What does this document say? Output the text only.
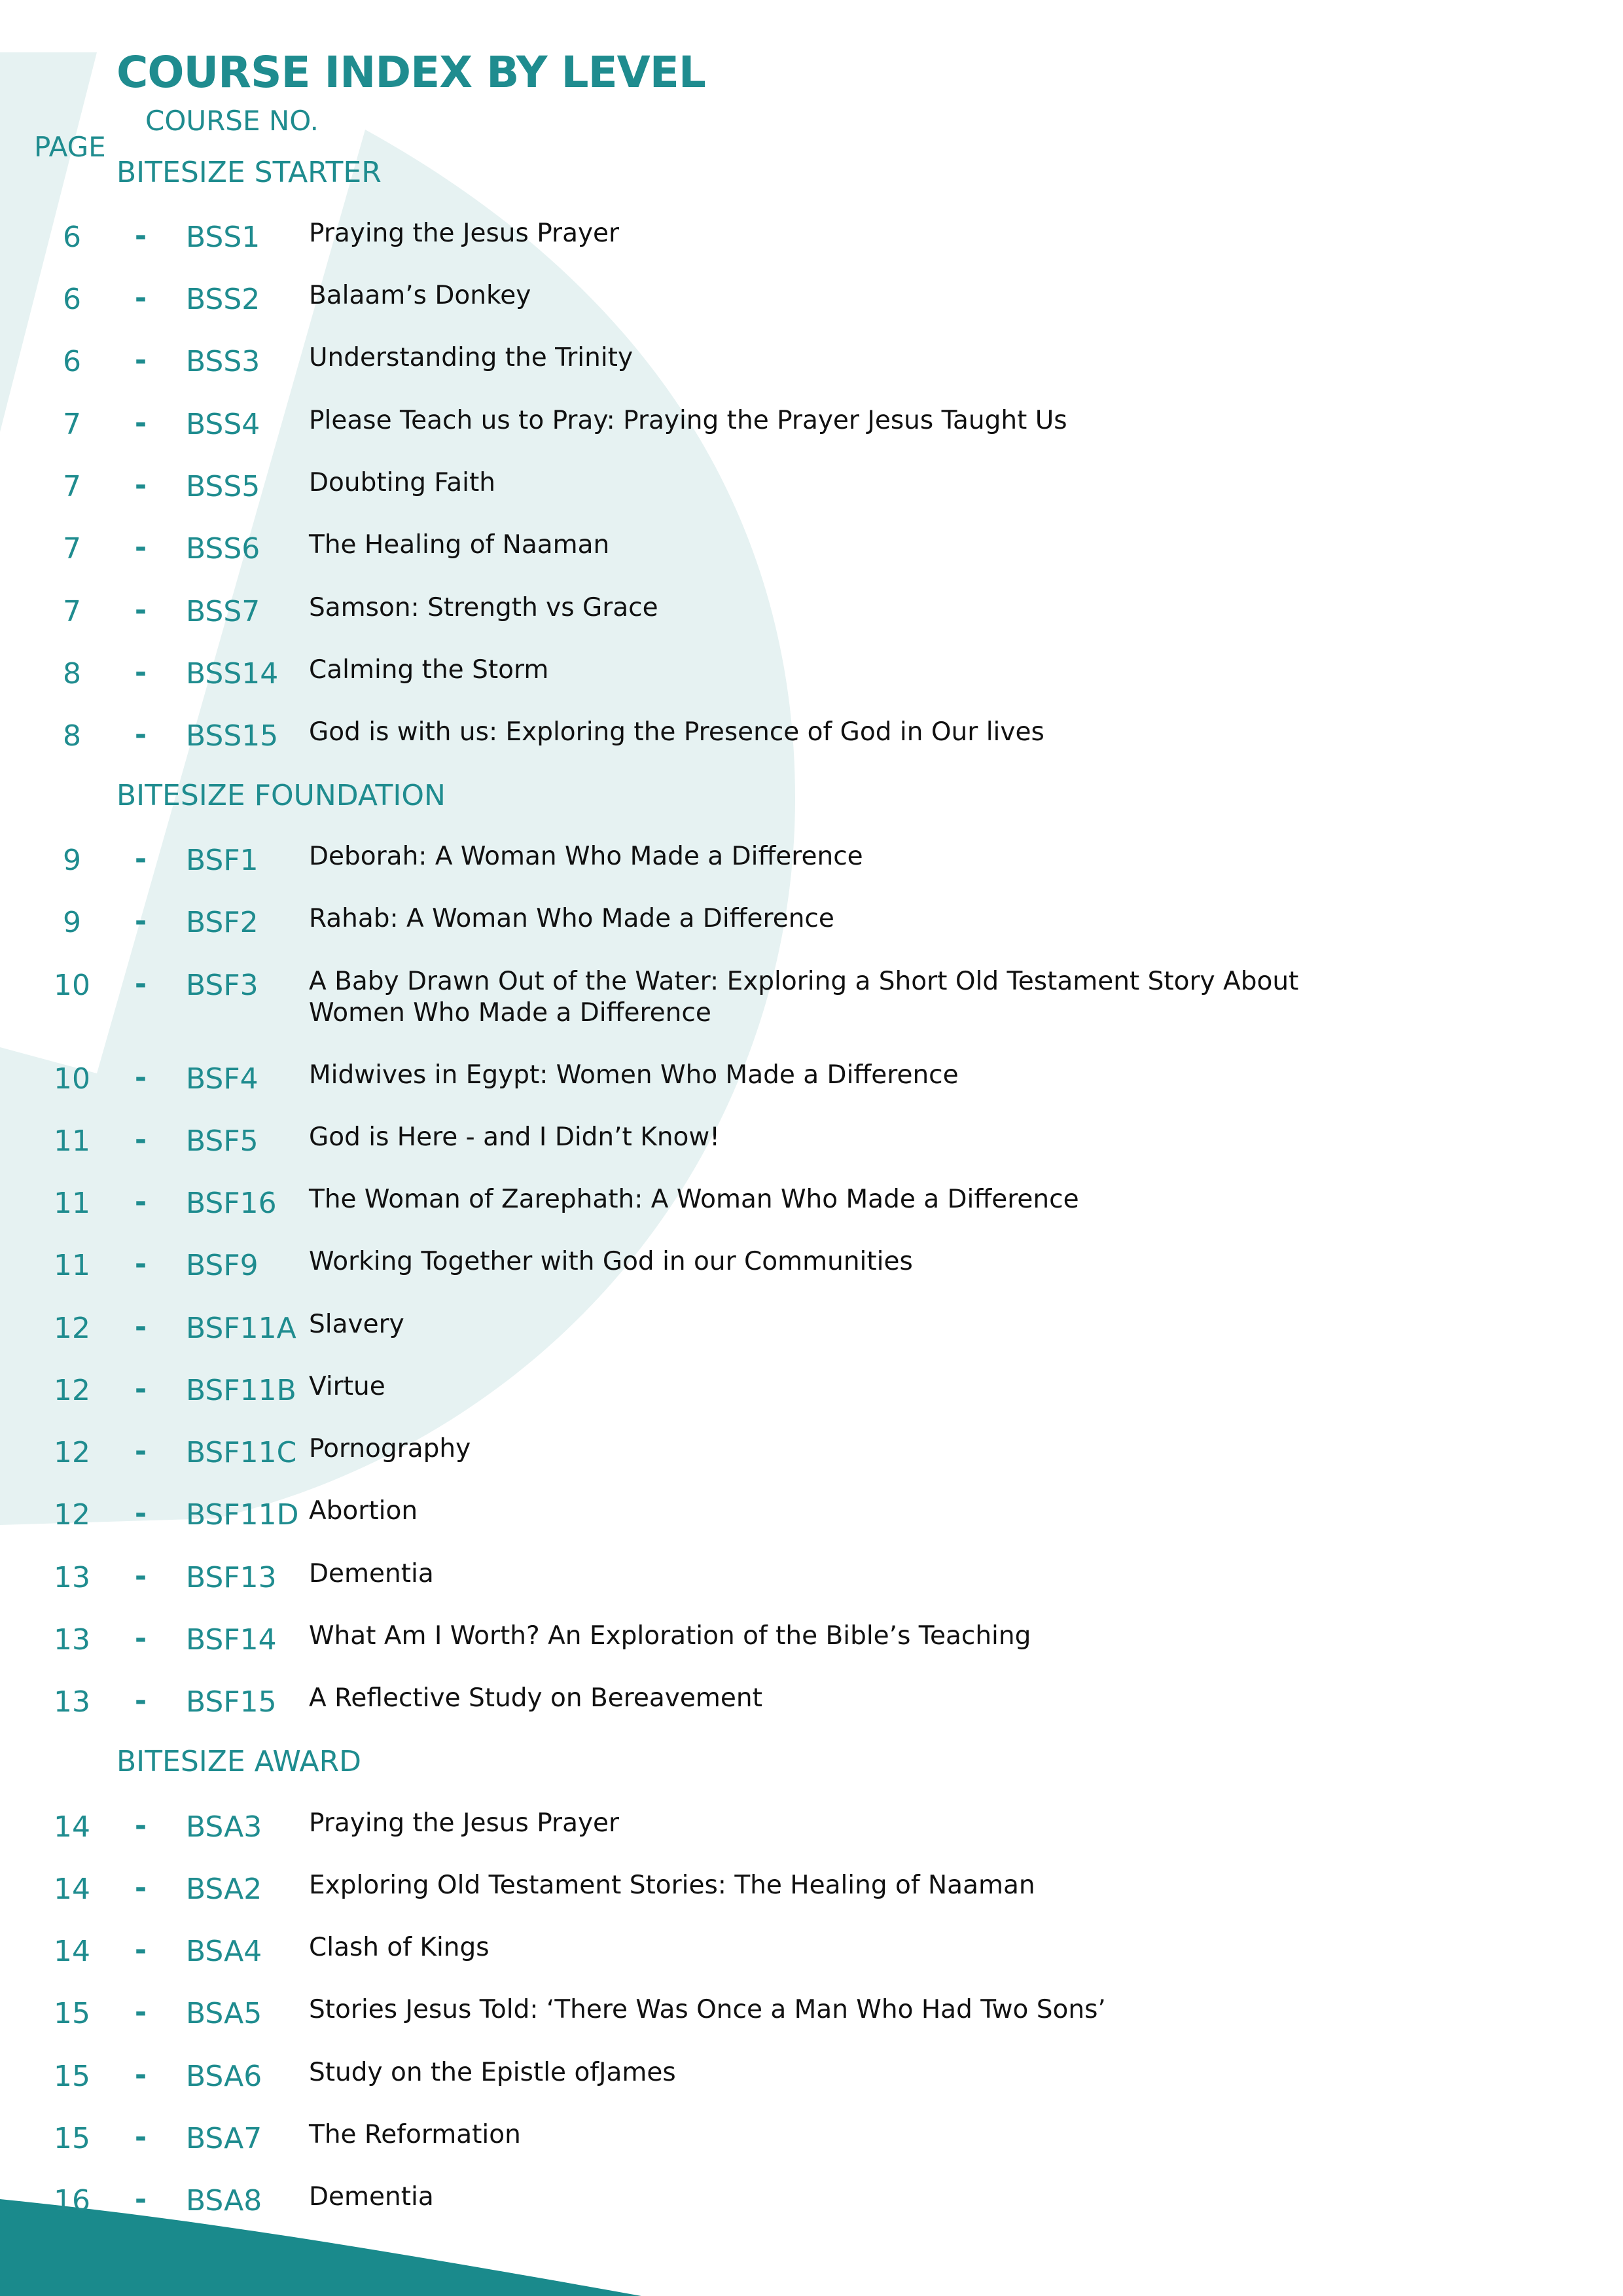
COURSE INDEX BY LEVEL
COURSE NO.
PAGE
BITESIZE STARTER
6	- BSS1 Praying the Jesus Prayer
6	- BSS2 Balaam’s Donkey
6	- BSS3 Understanding the Trinity
7	- BSS4 Please Teach us to Pray: Praying the Prayer Jesus Taught Us
7	- BSS5 Doubting Faith
7	- BSS6 The Healing of Naaman
7	- BSS7 Samson: Strength vs Grace
8	- BSS14 Calming the Storm
8	- BSS15 God is with us: Exploring the Presence of God in Our lives
BITESIZE FOUNDATION
9	- BSF1 Deborah: A Woman Who Made a Difference
9	- BSF2 Rahab: A Woman Who Made a Difference
10	- BSF3 A Baby Drawn Out of the Water: Exploring a Short Old Testament Story About Women Who Made a Difference
10	- BSF4 Midwives in Egypt: Women Who Made a Difference
11	- BSF5 God is Here - and I Didn’t Know!
11	- BSF16 The Woman of Zarephath: A Woman Who Made a Difference
11	- BSF9 Working Together with God in our Communities
12	- BSF11A Slavery
12	- BSF11B Virtue
12	- BSF11C Pornography
12	- BSF11D Abortion
13	- BSF13 Dementia
13	- BSF14 What Am I Worth? An Exploration of the Bible’s Teaching
13	- BSF15 A Reflective Study on Bereavement
BITESIZE AWARD
14	- BSA3 Praying the Jesus Prayer
14	- BSA2 Exploring Old Testament Stories: The Healing of Naaman
14	- BSA4 Clash of Kings
15	- BSA5 Stories Jesus Told: ‘There Was Once a Man Who Had Two Sons’
15	- BSA6 Study on the Epistle ofJames
15	- BSA7 The Reformation
16	- BSA8 Dementia
